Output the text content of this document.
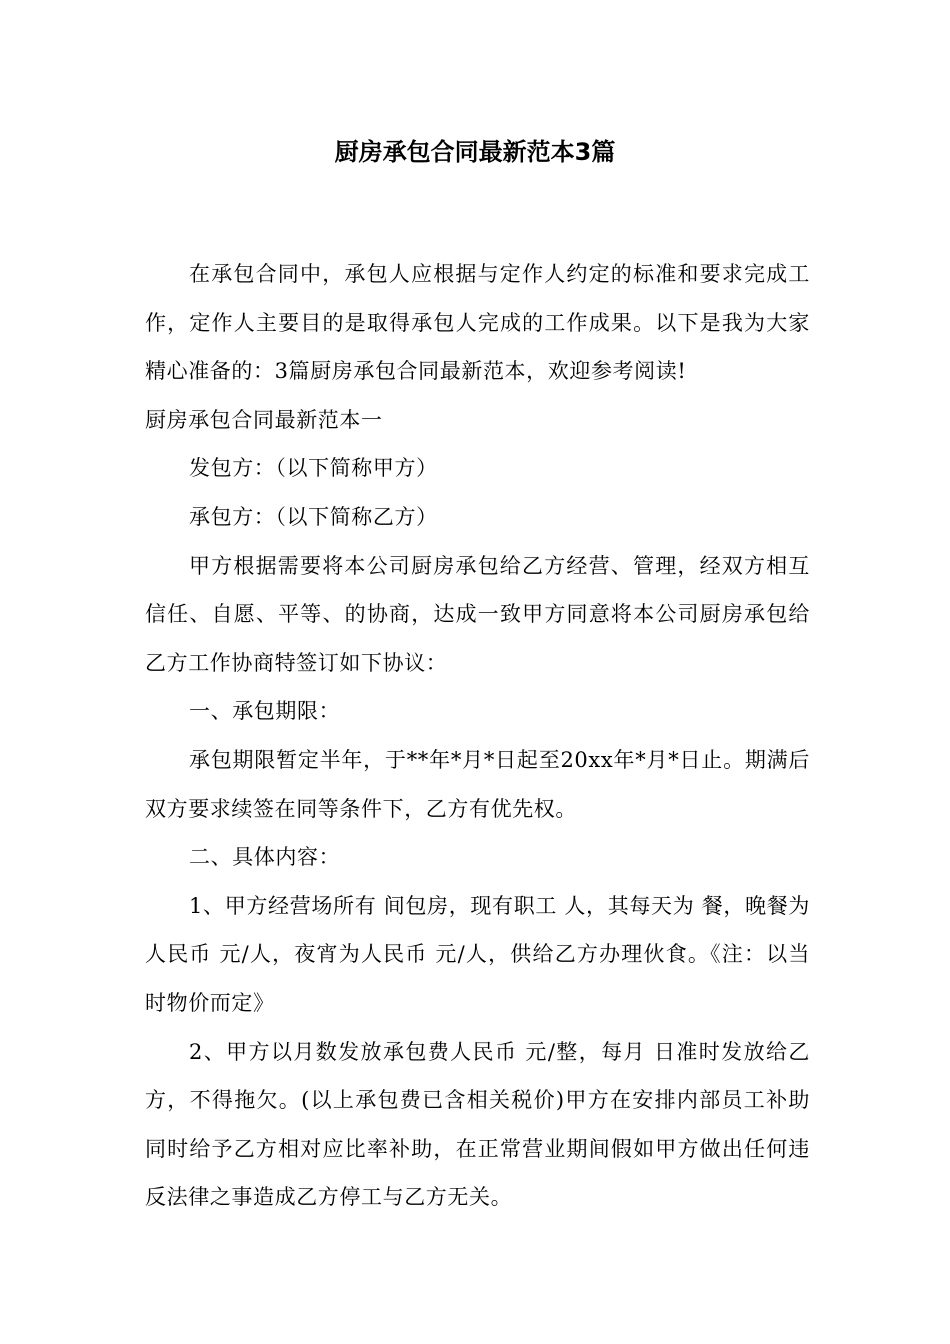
厨房承包合同最新范本3篇

在承包合同中，承包人应根据与定作人约定的标准和要求完成工作，定作人主要目的是取得承包人完成的工作成果。以下是我为大家精心准备的：3篇厨房承包合同最新范本，欢迎参考阅读!

厨房承包合同最新范本一

发包方：（以下简称甲方）

承包方：（以下简称乙方）

甲方根据需要将本公司厨房承包给乙方经营、管理，经双方相互信任、自愿、平等、的协商，达成一致甲方同意将本公司厨房承包给乙方工作协商特签订如下协议：

一、承包期限：

承包期限暂定半年，于**年*月*日起至20xx年*月*日止。期满后双方要求续签在同等条件下，乙方有优先权。

二、具体内容：

1、甲方经营场所有 间包房，现有职工 人，其每天为 餐，晚餐为人民币 元/人，夜宵为人民币 元/人，供给乙方办理伙食。《注：以当时物价而定》

2、甲方以月数发放承包费人民币 元/整，每月 日准时发放给乙方，不得拖欠。(以上承包费已含相关税价)甲方在安排内部员工补助同时给予乙方相对应比率补助，在正常营业期间假如甲方做出任何违反法律之事造成乙方停工与乙方无关。
